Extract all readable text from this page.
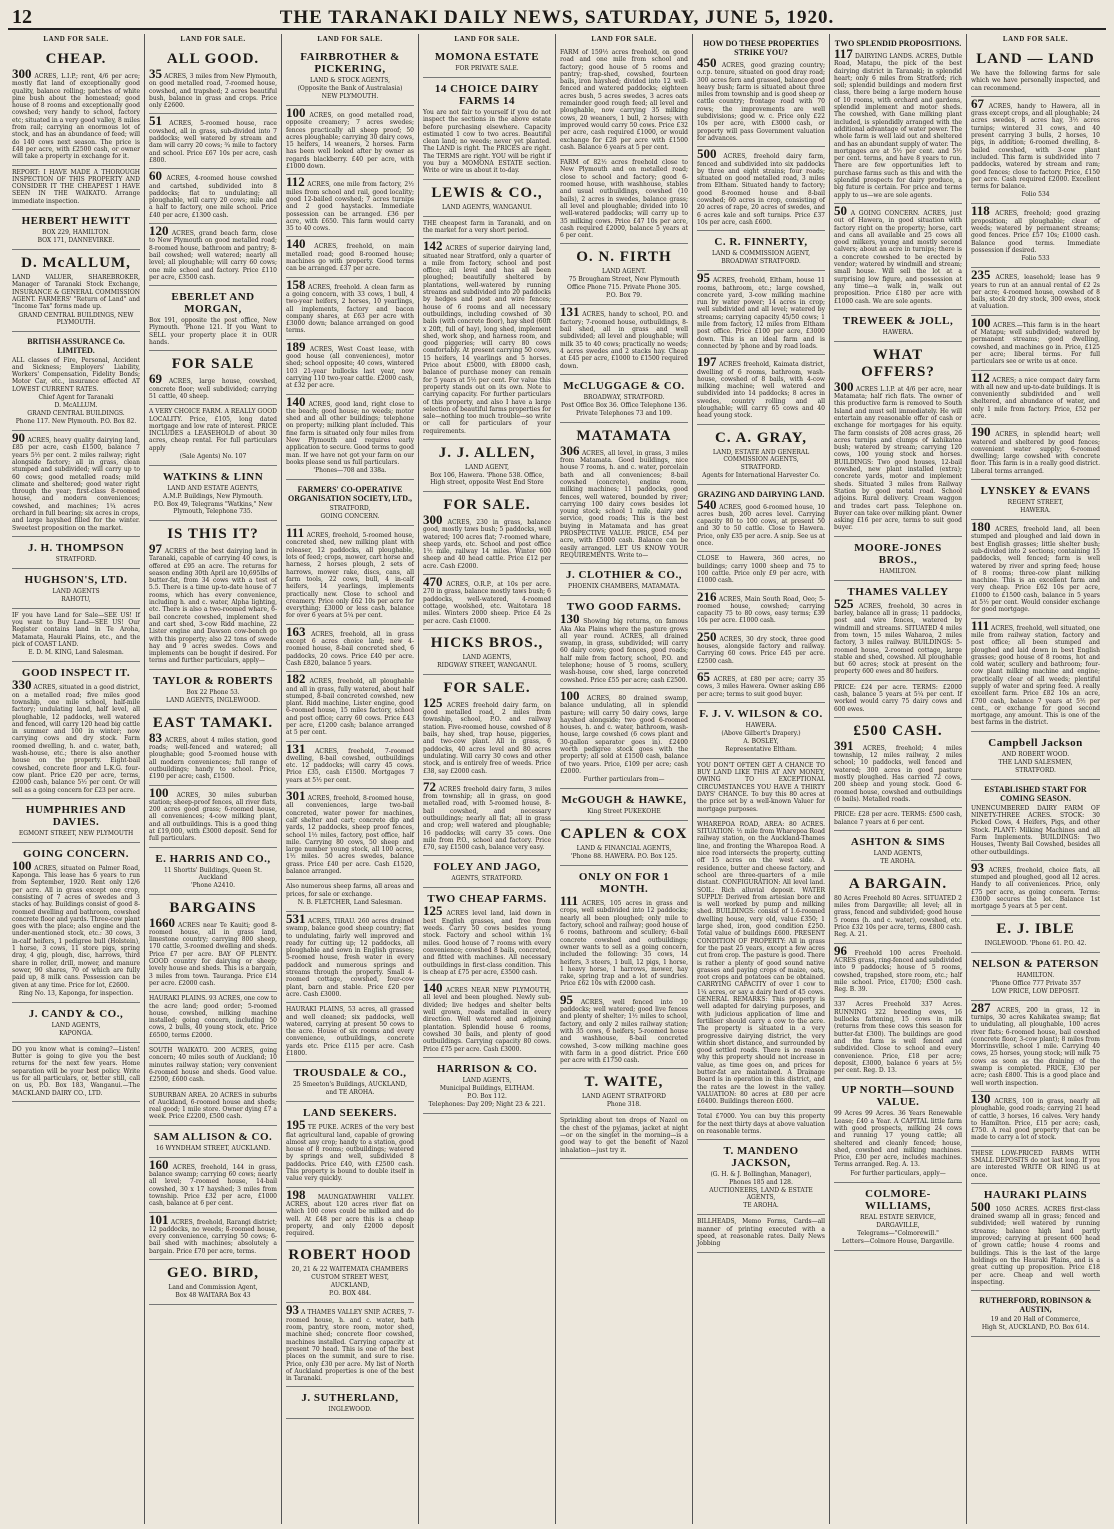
12	THE TARANAKI DAILY NEWS, SATURDAY, JUNE 5, 1920.
LAND FOR SALE.
CHEAP.

300 ACRES, L.I.P.; rent, 4/6 per acre; mostly flat land of exceptionally good quality, balance rolling; patches of white pine bush about the homestead; good house of 8 rooms and exceptionally good cowshed; very handy to school, factory etc; situated in a very good valley, 8 miles from rail; carrying an enormous lot of stock, and has an abundance of feed; will do 140 cows next season. The price is £48 per acre, with £2500 cash, or owner will take a property in exchange for it.

REPORT: I HAVE MADE A THOROUGH INSPECTION OF THIS PROPERTY AND CONSIDER IT THE CHEAPEST I HAVE SEEN IN THE WAIKATO. Arrange immediate inspection.

HERBERT HEWITT
BOX 229, HAMILTON.
BOX 171, DANNEVIRKE.
D. McALLUM,

LAND VALUER, SHAREBROKER, Manager of Taranaki Stock Exchange, INSURANCE & GENERAL COMMISSION AGENT. FARMERS' "Return of Land" and "Income Tax" forms made up.

GRAND CENTRAL BUILDINGS, NEW PLYMOUTH.
BRITISH ASSURANCE Co. LIMITED.

ALL classes of Fire, Personal, Accident and Sickness; Employers' Liability, Workers' Compensation, Fidelity Bonds; Motor Car, etc., insurance effected AT LOWEST CURRENT RATES.

Chief Agent for Taranaki
D. McALLUM.
GRAND CENTRAL BUILDINGS.
Phone 117. New Plymouth. P.O. Box 82.

90 ACRES, heavy quality dairying land, £85 per acre, cash £1500, balance 7 years 5½ per cent. 2 miles railway; right alongside factory; all in grass, clean stumped and subdivided; will carry up to 60 cows; good metalled roads; mild climate and sheltered; good water right through the year; first-class 8-roomed house, and modern conveniences; cowshed, and machines; 1¼ acres orchard in full bearing; six acres in crops, and large hayshed filled for the winter. Sweetest proposition on the market.

J. H. THOMPSON
STRATFORD.
HUGHSON'S, LTD.
LAND AGENTS
RAHOTU,

IF you have Land for Sale—SEE US! If you want to Buy Land—SEE US! Our Register contains land in Te Aroha, Matamata, Hauraki Plains, etc., and the pick of COAST LAND.

E. D. M. KING, Land Salesman.
GOOD INSPECT IT.

330 ACRES, situated in a good district, on a metalled road; five miles good township, one mile school, half-mile factory; undulating land, half level, all ploughable, 12 paddocks, well watered and fenced, will carry 120 head big cattle in summer and 100 in winter; now carrying cows and dry stock. Farm roomed dwelling, h. and c. water, bath, wash-house, etc.; there is also another house on the property. Eight-bail cowshed, concrete floor and L.K.G. four-cow plant. Price £20 per acre, terms, £2000 cash, balance 5½ per cent. Or will sell as a going concern for £23 per acre.

HUMPHRIES AND DAVIES.
EGMONT STREET, NEW PLYMOUTH
GOING CONCERN.

100 ACRES, situated on Palmer Road, Kaponga. This lease has 6 years to run from September, 1920. Rent only 12/6 per acre. All in grass except one crop, consisting of 7 acres of swedes and 3 stacks of hay. Buildings consist of good 8-roomed dwelling and bathroom, cowshed concrete floor and yards. Three-cow plant goes with the place; also engine and the under-mentioned stock, etc.: 30 cows, 3 in-calf heifers, 1 pedigree bull (Holstein), 1 horse, 3 cows, 11 store pigs, spring dray, 4 gig, plough, disc, harrows, third share in roller, drill, mower, and manure sower, 90 shares, 70 of which are fully paid up, 8 milk cans. Possession can be given at any time. Price for lot, £2600.

Ring No. 13, Kaponga, for inspection.
J. CANDY & CO.,
LAND AGENTS,
KAPONGA.

DO you know what is coming?—Listen! Butter is going to give you the best returns for the next few years. Home separation will be your best policy. Write us for all particulars, or, better still, call on us, P.O. Box 183, Wanganui.—The MACKLAND DAIRY CO., LTD.

LAND FOR SALE.
ALL GOOD.

35 ACRES, 3 miles from New Plymouth, on good metalled road, 7-roomed house, cowshed, and trapshed; 2 acres beautiful bush, balance in grass and crops. Price only £2600.

51 ACRES, 5-roomed house, race cowshed, all in grass, sub-divided into 7 paddocks; well watered by stream and dam will carry 20 cows; ¾ mile to factory and school. Price £67 10s per acre, cash £800.

60 ACRES, 4-roomed house cowshed and cartshed, subdivided into 8 paddocks; flat to undulating; all ploughable, will carry 20 cows; mile and a half to factory, one mile school. Price £40 per acre, £1300 cash.

120 ACRES, grand beach farm, close to New Plymouth on good metalled road; 8-roomed house, bathroom and pantry; 8-bail cowshed; well watered; nearly all level; all ploughable; will carry 60 cows; one mile school and factory. Price £110 per acre, £3500 cash.

EBERLET AND MORGAN,

Box 191, opposite the post office, New Plymouth. 'Phone 121. If you Want to SELL your property place it in OUR hands.

FOR SALE

69 ACRES, large house, cowshed, concrete floor; well subdivided; carrying 51 cattle, 40 sheep.

A VERY CHOICE FARM. A REALLY GOOD LOCALITY. Price, £105, long dated mortgage and low rate of interest. PRICE INCLUDES a LEASEHOLD of about 30 acres, cheap rental. For full particulars apply

(Sale Agents) No. 107
WATKINS & LINN
LAND AND ESTATE AGENTS,
A.M.P. Buildings, New Plymouth.
P.O. Box 49, Telegrams "Watkins," New Plymouth, Telephone 735.
IS THIS IT?

97 ACRES of the best dairying land in Taranaki, capable of carrying 40 cows, is offered at £95 an acre. The returns for season ending 30th April are 10,695lbs of butter-fat, from 34 cows with a test of 5.5. There is a time up-to-date house of 7 rooms, which has every convenience, including h. and c. water, Alpha lighting, etc. There is also a two-roomed whare, 6-bail concrete cowshed, implement shed and cart shed, 3-cow Ridd machine, 22 Lister engine and Dawson cow-bench go with this property; also 22 tons of swede hay and 9 acres swedes. Cows and implements can be bought if desired. For terms and further particulars, apply—

TAYLOR & ROBERTS
Box 22 Phone 53.
LAND AGENTS, INGLEWOOD.
EAST TAMAKI.

83 ACRES, about 4 miles station, good roads; well-fenced and watered; all ploughable; good 5-roomed house with all modern conveniences; full range of outbuildings; handy to school. Price, £190 per acre; cash, £1500.

100 ACRES, 30 miles suburban station; sheep-proof fences, all river flats, 200 acres good grass; 6-roomed house, all conveniences; 4-cow milking plant, and all outbuildings. This is a good thing at £19,000, with £3000 deposit. Send for full particulars.

E. HARRIS AND CO.,
11 Shortts' Buildings, Queen St. Auckland
'Phone A2410.
BARGAINS

1660 ACRES near Te Kauiti; good 8-roomed house, all in grass land, limestone country; carrying 800 sheep, 170 cattle, 3-roomed dwelling and sheds. Price £7 per acre. BAY OF PLENTY. GOOD country for dairying or sheep; lovely house and sheds. This is a bargain, 3 miles from town. Tauranga. Price £14 per acre. £2000 cash.

HAURAKI PLAINS. 93 ACRES, one cow to the acre land; good order; 5-roomed house, cowshed, milking machine installed; going concern, including 50 cows, 2 bulls, 40 young stock, etc. Price £6500, terms £2000.

SOUTH WAIKATO. 200 ACRES, going concern; 40 miles south of Auckland; 10 minutes railway station; very convenient 6-roomed house and sheds. Good value. £2500, £600 cash.

SUBURBAN AREA. 20 ACRES in suburbs of Auckland, 6-roomed house and sheds; real good; 1 mile store. Owner dying £7 a week. Price £2200, £500 cash.

SAM ALLISON & CO.
16 WYNDHAM STREET, AUCKLAND.

160 ACRES, freehold, 144 in grass, balance swamp; carrying 60 cows; nearly all level; 7-roomed house, 14-bail cowshed, 30 x 17 hayshed; 3 miles from township. Price £32 per acre, £1000 cash, balance at 6 per cent.

101 ACRES, freehold, Rarangi district; 12 paddocks, no weeds; 8-roomed house, every convenience, carrying 50 cows; 6-bail shed with machines; absolutely a bargain. Price £70 per acre, terms.

GEO. BIRD,
Land and Commission Agent,
Box 48 WAITARA Box 43
LAND FOR SALE.
FAIRBROTHER & PICKERING,
LAND & STOCK AGENTS,
(Opposite the Bank of Australasia)
NEW PLYMOUTH.

100 ACRES, on good metalled road, opposite creamery; 7 acres swedes; fences practically all sheep proof; 50 acres ploughable; carrying 30 dairy cows, 15 heifers, 14 weaners, 2 horses. Farm has been well looked after by owner as regards blackberry. £40 per acre, with £1000 down.

112 ACRES, one mile from factory, 2½ miles from school and rail, good locality; good 12-bailed cowshed; 7 acres turnips and 2 good haystacks. Immediate possession can be arranged. £36 per acre, with £650. This farm would carry 35 to 40 cows.

140 ACRES, freehold, on main metalled road; good 8-roomed house; machines go with property. Good terms can be arranged. £37 per acre.

158 ACRES, freehold. A clean farm as a going concern, with 33 cows, 1 bull, 4 two-year heifers, 2 horses, 10 yearlings, all implements, factory and bacon company shares, at £63 per acre with £3000 down; balance arranged on good terms.

189 ACRES, West Coast lease, with good house (all conveniences), motor shed; school opposite; 40 cows, wintered 103 21-year bullocks last year, now carrying 110 two-year cattle. £2000 cash, at £32 per acre.

140 ACRES, good land, right close to the beach; good house; no weeds; motor shed and all other buildings; telephone on property; milking plant included. This fine farm is situated only four miles from New Plymouth and requires early application to secure. Good terms to good man. If we have not got your farm on our books please send us full particulars.

'Phones—708 and 338a.
FARMERS' CO-OPERATIVE ORGANISATION SOCIETY, LTD.,
STRATFORD,
GOING CONCERN.

111 ACRES, freehold, 5-roomed house, concreted shed, new milking plant with releaser, 12 paddocks, all ploughable, lots of feed; crops, mower, cart horse and harness, 2 horses plough, 2 sets of harrows, mower rake, discs, cans, all farm tools, 22 cows, bull, 4 in-calf heifers, 14 yearlings, implements practically new. Close to school and creamery. Price only £62 10s per acre for everything; £3000 or less cash, balance for over 6 years at 5¼ per cent.

163 ACRES, freehold, all in grass except 6 acres choice land; new 4-roomed house, 8-bail concreted shed, 6 paddocks, 20 cows. Price £40 per acre. Cash £820, balance 5 years.

182 ACRES, freehold, all ploughable and all in grass, fully watered, about half stumped, 8-bail concreted cowshed, new plant. Ridd machine, Lister engine, good 6-roomed house, 15 miles factory, school and post office; carry 60 cows. Price £43 per acre, £1200 cash; balance arranged at 5 per cent.

131 ACRES, freehold, 7-roomed dwelling, 8-bail cowshed, outbuildings etc. 12 paddocks; will carry 45 cows. Price £35, cash £1500. Mortgages 7 years at 5½ per cent.

301 ACRES, freehold, 8-roomed house, all conveniences, large two-bail concreted, water power for machines, calf shelter and cart; concrete dip and yards, 12 paddocks, sheep proof fences, school 1½ miles, factory, post office, half mile. Carrying 80 cows, 50 sheep and large number young stock, all 100 acres, 1½ miles. 50 acres swedes, balance grass. Price £40 per acre. Cash £1520, balance arranged.

Also numerous sheep farms, all areas and prices, for sale or exchange.

N. B. FLETCHER, Land Salesman.

531 ACRES, TIRAU. 260 acres drained swamp, balance good sheep country; flat to undulating, fairly well improved and ready for cutting up; 12 paddocks, all ploughable and sown in English grasses; 5-roomed house, fresh water in every paddock and numerous springs and streams through the property. Small 4-roomed cottage, cowshed, four-cow plant, barn and stable. Price £20 per acre. Cash £3000.

HAURAKI PLAINS, 53 acres, all grassed and well cleaned; six paddocks, well watered, carrying at present 50 cows to the acre. House of six rooms and every convenience, outbuildings, concrete yards etc. Price £115 per acre. Cash £1800.

TROUSDALE & CO.,
25 Smeeton's Buildings, AUCKLAND,
and TE AROHA.
LAND SEEKERS.

195 TE PUKE. ACRES of the very best flat agricultural land, capable of growing almost any crop; handy to a station, good house of 8 rooms; outbuildings; watered by springs and well, subdivided 8 paddocks. Price £40, with £2500 cash. This property is bound to double itself in value very quickly.

198 MAUNGATAWHIRI VALLEY. ACRES, about 120 acres river flat on which 100 cows could be milked and do well. At £48 per acre this is a cheap property, and only £2000 deposit required.

ROBERT HOOD
20, 21 & 22 WAITEMATA CHAMBERS
CUSTOM STREET WEST,
AUCKLAND,
P.O. BOX 484.

93 A THAMES VALLEY SNIP. ACRES, 7-roomed house, h. and c. water, bath room, pantry, store room, motor shed, machine shed; concrete floor cowshed, machines installed. Carrying capacity at present 70 head. This is one of the best places on the summit, and sure to rise. Price, only £30 per acre. My list of North of Auckland properties is one of the best in Taranaki.

J. SUTHERLAND,
INGLEWOOD.
LAND FOR SALE.
MOMONA ESTATE
FOR PRIVATE SALE.
14 CHOICE DAIRY FARMS 14

You are not fair to yourself if you do not inspect the sections in the above estate before purchasing elsewhere. Capacity estimated 1 cow to two acres. Beautiful clean land; no weeds; never yet planted. The LAND is right. The PRICES are right. The TERMS are right. YOU will be right if you buy a MOMONA ESTATE section. Write or wire us about it to-day.

LEWIS & CO.,
LAND AGENTS, WANGANUI.

THE cheapest farm in Taranaki, and on the market for a very short period.

142 ACRES of superior dairying land, situated near Stratford, only a quarter of a mile from factory, school and post office; all level and has all been ploughed; beautifully sheltered by plantations, well-watered by running streams and subdivided into 20 paddocks by hedges and post and wire fences; house of 6 rooms and all necessary outbuildings, including cowshed of 30 bails (with concrete floor), hay shed (60ft x 20ft, full of hay), long shed, implement shed, work shop, and harness room, and good piggeries; will carry 80 cows comfortably. At present carrying 50 cows, 15 heifers, 14 yearlings and 5 horses. Price about £5000, with £8000 cash, balance of purchase money can remain for 5 years at 5½ per cent. For value this property stands out on its own. Note to carrying capacity. For further particulars of this property, and also I have a large selection of beautiful farms properties for sale—nothing too much trouble—so write or call for particulars of your requirements.

J. J. ALLEN,
LAND AGENT,
Box 106, Hawera. 'Phone 538. Office, High street, opposite West End Store
FOR SALE.

300 ACRES, 230 in grass, balance good, mostly taws bush; 5 paddocks, well watered; 100 acres flat; 7-roomed whare, sheep yards, etc. School and post office 1½ mile, railway 14 miles. Winter 600 sheep and 40 head cattle. Price £12 per acre. Cash £2000.

470 ACRES, O.R.P., at 10s per acre. 270 in grass, balance mostly taws bush; 6 paddocks, well-watered, 4-roomed cottage, woolshed, etc. Waitotara 18 miles. Winters 2000 sheep. Price £4 2s per acre. Cash £1000.

HICKS BROS.,
LAND AGENTS,
RIDGWAY STREET, WANGANUI.
FOR SALE.

125 ACRES freehold dairy farm, on good metalled road, 2 miles from township, school, P.O. and railway station. Five-roomed house, cowshed of 8 bails, hay shed, trap house, piggeries, and two-cow plant. All in grass, 6 paddocks, 40 acres level and 80 acres undulating. Will carry 30 cows and other stock, and is entirely free of weeds. Price £38, say £2000 cash.

72 ACRES freehold dairy farm, 3 miles from township; all in grass, on good metalled road, with 5-roomed house, 8-bail cowshed, and necessary outbuildings; nearly all flat; all in grass and crop; well watered and ploughable; 16 paddocks; will carry 35 cows. One mile from P.O., school and factory. Price £70, say £1500 cash, balance very easy.

FOLEY AND JAGO,
AGENTS, STRATFORD.
TWO CHEAP FARMS.

125 ACRES level land, laid down in best English grasses, and free from weeds. Carry 50 cows besides young stock. Factory and school within 1¼ miles. Good house of 7 rooms with every convenience; cowshed 8 bails, concreted, and fitted with machines. All necessary outbuildings in first-class condition. This is cheap at £75 per acre, £3500 cash.

140 ACRES NEAR NEW PLYMOUTH, all level and been ploughed. Newly sub-divided; live hedges and shelter belts well grown, roads metalled in every direction. Well watered and adjoining plantation. Splendid house 6 rooms, cowshed 30 bails, and plenty of good outbuildings. Carrying capacity 80 cows. Price £75 per acre. Cash £3000.

HARRISON & CO.
LAND AGENTS,
Municipal Buildings, ELTHAM.
P.O. Box 112.
Telephones: Day 209; Night 23 & 221.
LAND FOR SALE.

FARM of 159½ acres freehold, on good road and one mile from school and factory; good house of 5 rooms and pantry; trap-shed, cowshed, fourteen bails, iron hayshed; divided into 12 well-fenced and watered paddocks; eighteen acres bush, 5 acres swedes, 3 acres oats remainder good rough feed; all level and ploughable, now carrying 35 milking cows, 20 weaners, 1 bull, 2 horses; with improved would carry 50 cows. Price £32 per acre, cash required £1000, or would exchange for £28 per acre with £1500 cash. Balance 6 years at 5 per cent.

FARM of 82½ acres freehold close to New Plymouth and on metalled road; close to school and factory; good 6-roomed house, with washhouse, stables and usual outbuildings, cowshed (10 bails), 2 acres in swedes, balance grass; all level and ploughable; divided into 10 well-watered paddocks; will carry up to 35 milking cows. Price £47 10s per acre, cash required £2000, balance 5 years at 6 per cent.

O. N. FIRTH
LAND AGENT.
75 Brougham Street, New Plymouth
Office Phone 715. Private Phone 305.
P.O. Box 79.

131 ACRES, handy to school, P.O. and factory; 7-roomed house, outbuildings, 8-bail shed, all in grass and well subdivided; all level and ploughable; will milk 35 to 40 cows; practically no weeds; 4 acres swedes and 2 stacks hay. Cheap at £45 per acre, £1000 to £1500 required down.

McCLUGGAGE & CO.
BROADWAY, STRATFORD.
Post Office Box 36. Office Telephone 136.
Private Telephones 73 and 109.
MATAMATA

306 ACRES, all level, in grass, 3 miles from Matamata. Good buildings, nice house 7 rooms, h. and c. water, porcelain bath and all conveniences; 8-bail cowshed (concrete), engine room, milking machines; 11 paddocks, good fences, well watered, bounded by river; carrying 100 dairy cows besides lot young stock; school 1 mile, dairy and service, good roads; This is the best buying in Matamata and has great PROSPECTIVE VALUE. PRICE, £54 per acre, with £5000 cash. Balance can be easily arranged. LET US KNOW YOUR REQUIREMENTS. Write to—

J. CLOTHIER & CO.,
PHOENIX CHAMBERS, MATAMATA.
TWO GOOD FARMS.

130 Showing big returns, on famous Aka Aka Plains where the pasture grows all year round. ACRES, all drained swamp, in grass, subdivided; will carry 60 dairy cows; good fences, good roads; half mile from factory, school, P.O. and telephone; house of 5 rooms, scullery, wash-house, cow shed, large concreted cowshed. Price £55 per acre; cash £2500.

100 ACRES, 80 drained swamp, balance undulating, all in splendid pasture; will carry 50 dairy cows, large hayshed alongside; two good 6-roomed houses, h. and c. water, bathroom, wash-house, large cowshed (6 cows plant and 30-gallon separator goes in). £2400 worth pedigree stock goes with the property; all sold at £1500 cash, balance of two years. Price, £109 per acre; cash £2000.

Further particulars from—
McGOUGH & HAWKE,
King Street PUKEKOHE
CAPLEN & COX
LAND & FINANCIAL AGENTS,
'Phone 88. HAWERA. P.O. Box 125.
ONLY ON FOR 1 MONTH.

111 ACRES, 105 acres in grass and crops, well subdivided into 12 paddocks; nearly all been ploughed; only mile to factory, school and railway; good house of 6 rooms, bathroom and scullery; 6-bail concrete cowshed and outbuildings; owner wants to sell as a going concern, included the following: 35 cows, 14 heifers, 3 steers, 1 bull, 12 pigs, 1 horse, 1 heavy horse, 1 harrows, mower, hay rake, spring trap and a lot of sundries. Price £62 10s with £2000 cash.

95 ACRES, well fenced into 10 paddocks; well watered; good live fences and plenty of shelter; 1½ miles to school, factory, and only 2 miles railway station; with 35 cows, 6 heifers; 5-roomed house and washhouse, 8-bail concreted cowshed, 3-cow milking machine goes with farm in a good district. Price £60 per acre with £1750 cash.

T. WAITE,
LAND AGENT STRATFORD
Phone 318.

Sprinkling about ten drops of Nazol on the chest of the pyjamas, jacket at night—or on the singlet in the morning—is a good way to get the benefit of Nazol inhalation—just try it.

HOW DO THESE PROPERTIES STRIKE YOU?

450 ACRES, good grazing country; o.r.p. tenure, situated on good dray road; 300 acres fern and grassed, balance good heavy bush; farm is situated about three miles from township and is good sheep or cattle country; frontage road with 70 rows; the improvements are well subdivisions; good w. c. Price only £22 10s per acre, with £3000 cash, or property will pass Government valuation for advances.

500 ACRES, freehold dairy farm, fenced and subdivided into six paddocks by three and eight strains; four roads; situated on good metalled road, 3 miles from Eltham. Situated handy to factory; good 8-roomed house and 8-bail cowshed; 60 acres in crop, consisting of 20 acres of rape, 20 acres of swedes, and 6 acres kale and soft turnips. Price £37 10s per acre, cash £600.

C. R. FINNERTY,
LAND & COMMISSION AGENT,
BROADWAY STRATFORD.

95 ACRES, freehold, Eltham, house 11 rooms, bathroom, etc.; large cowshed, concrete yard, 3-cow milking machine run by water power; 14 acres in crop; well subdivided and all level; watered by streams; carrying capacity 45/50 cows; 1 mile from factory, 12 miles from Eltham post office. Price £100 per acre, £3000 down. This is an ideal farm and is connected by 'phone and by road loads.

197 ACRES freehold, Kaimata district, dwelling of 6 rooms, bathroom, wash-house, cowshed of 8 bails, with 4-cow milking machine; well watered and subdivided into 14 paddocks; 8 acres in swedes, country rolling and all ploughable; will carry 65 cows and 40 head young stock.

C. A. GRAY,
LAND, ESTATE AND GENERAL COMMISSION AGENTS,
STRATFORD.
Agents for International Harvester Co.
GRAZING AND DAIRYING LAND.

540 ACRES, good 6-roomed house, 10 acres bush, 200 acres level. Carrying capacity 80 to 100 cows, at present 50 and 30 to 50 cattle. Close to Hawera. Price, only £35 per acre. A snip. See us at once.

CLOSE to Hawera, 360 acres, no buildings; carry 1000 sheep and 75 to 100 cattle. Price only £9 per acre, with £1000 cash.

216 ACRES, Main South Road, Oeo; 5-roomed house, cowshed; carrying capacity 75 to 80 cows, easy terms; £39 10s per acre. £1000 cash.

250 ACRES, 30 dry stock, three good houses, alongside factory and railway. Carrying 60 cows. Price £45 per acre. £2500 cash.

65 ACRES, at £80 per acre; carry 35 cows, 3 miles Hawera. Owner asking £86 per acre; terms to suit good buyer.

F. J. V. WILSON & CO.
HAWERA.
(Above Gilbert's Drapery.)
A. BOSLEY,
Representative Eltham.

YOU DON'T OFTEN GET A CHANCE TO BUY LAND LIKE THIS AT ANY MONEY, OWING TO EXCEPTIONAL CIRCUMSTANCES YOU HAVE A THIRTY DAYS' CHANCE. To buy this 80 acres at the price set by a well-known Valuer for mortgage purposes.

WHAREPOA ROAD, AREA: 80 ACRES. SITUATION: ½ mile from Wharepoa Road railway station, on the Auckland-Thames line, and fronting the Wharepoa Road. A nice road intersects the property, cutting off 15 acres on the west side. A residence, butter and cheese factory, and school are three-quarters of a mile distant. CONFIGURATION: All level land. SOIL: Rich alluvial deposit. WATER SUPPLY: Derived from artesian bore and is well worked by pump and milking shed. BUILDINGS: consist of 1.6-roomed dwelling house, very old, value £350; 1 large shed, iron, good condition £250. Total value of buildings £600. PRESENT CONDITION OF PROPERTY: All in grass for the past 25 years, except a few acres cut from crop. The pasture is good. There is rather a plenty of good sound native grasses and paying crops of maize, oats, root crops and potatoes can be obtained. CARRYING CAPACITY of over 1 cow to 1¼ acres, or say a dairy herd of 45 cows. GENERAL REMARKS: This property is well adapted for dairying purposes, and with judicious application of lime and fertiliser should carry a cow to the acre. The property is situated in a very progressive dairying district, the very within short distance, and surrounded by good settled roads. There is no reason why this property should not increase in value, as time goes on, and prices for butter-fat are maintained. A Drainage Board is in operation in this district, and the rates are the lowest in the valley. VALUATION: 80 acres at £80 per acre £6400. Buildings thereon £600.

Total £7000. You can buy this property for the next thirty days at above valuation on reasonable terms.

T. MANDENO JACKSON,
(G. H. & J. Bollinghan, Manager),
Phones 185 and 128.
AUCTIONEERS, LAND & ESTATE AGENTS,
TE AROHA.

BILLHEADS, Memo Forms, Cards—all manner of printing executed with a speed, at reasonable rates. Daily News Jobbing

TWO SPLENDID PROPOSITIONS.

117 DAIRYING LANDS. ACRES, Dutble Road, Matapu, the pick of the best dairying district in Taranaki; in splendid heart; only 6 miles from Stratford; rich soil; splendid buildings and modern first class, there being a large modern house of 10 rooms, with orchard and gardens, splendid implement and motor sheds. The cowshed, with Gane milking plant included, is splendidly arranged with the additional advantage of water power. The whole farm is well laid out and sheltered and has an abundant supply of water. The mortgages are at 5½ per cent. and 5½ per cent. terms, and have 8 years to run. There are few opportunities left to purchase farms such as this and with the splendid prospects for dairy produce, a big future is certain. For price and terms apply to us—we are sole agents.

50 A GOING CONCERN. ACRES, just out of Hawera, in good situation with factory right on the property; horse, cart and cans all available and 25 cows all good milkers, young and mostly second calvers; about an acre in turnips; there is a concrete cowshed to be erected by vendor; watered by windmill and stream; small house. Will sell the lot at a surprising low figure, and possession at any time—a walk in, walk out proposition. Price £180 per acre with £1000 cash. We are sole agents.

TREWEEK & JOLL,
HAWERA.
WHAT OFFERS?

300 ACRES L.I.P. at 4/6 per acre, near Matamata; half rich flats. The owner of this productive farm is removed to South Island and must sell immediately. He will entertain any reasonable offer of cash or exchange for mortgages for his equity. The farm consists of 208 acres grass, 26 acres turnips and clumps of kahikatea bush; watered by stream; carrying 120 cows, 100 young stock and horses. BUILDINGS: Two good houses, 12-bail cowshed, new plant installed (extra); concrete yards, motor and implement sheds. Situated 3 miles from Railway Station by good metal road. School adjoins. Rural delivery. Cream waggon and trades cart pass. Telephone on. Buyer can take over milking plant. Owner asking £16 per acre, terms to suit good buyer.

MOORE-JONES BROS.,
HAMILTON.
THAMES VALLEY

525 ACRES, freehold, 30 acres in barley, balance all in grass; 11 paddocks, post and wire fences, watered by windmill and streams. SITUATED 4 miles from town, 15 miles Waharoa, 2 miles factory, 3 miles railway. BUILDINGS: 5-roomed house, 2-roomed cottage, large stable and shed, cowshed. All ploughable but 60 acres; stock at present on the property 600 ewes and 80 heifers.

PRICE: £24 per acre. TERMS: £2000 cash, balance 5 years at 5¼ per cent. If worked would carry 75 dairy cows and 600 ewes.

£500 CASH.

391 ACRES, freehold; 4 miles township, 12 miles railway, 2 miles school; 10 paddocks, well fenced and watered; 300 acres in good pasture mostly ploughed. Has carried 72 cows, 200 sheep and young stock. Good 6-roomed house, cowshed and outbuildings (6 bails). Metalled roads.

PRICE: £28 per acre. TERMS: £500 cash, balance 7 years at 6 per cent.

ASHTON & SIMS
LAND AGENTS,
TE AROHA.
A BARGAIN.

80 Acres Freehold 80 Acres. SITUATED 2 miles from Dargaville; all level; all in grass, fenced and subdivided; good house 5 rooms (h. and c. water), cowshed, etc. Price £32 10s per acre, terms, £800 cash. Reg. A. 21.

96 Freehold 100 acres Freehold. ACRES grass, ring-fenced and subdivided into 9 paddocks; house of 5 rooms, cowshed, trapshed, store room, etc.; half mile school. Price, £1700; £500 cash. Reg. B. 39.

337 Acres Freehold 337 Acres. RUNNING 322 breeding ewes, 16 bullocks fattening, 15 cows in milk (returns from these cows this season for butter-fat £300). The buildings are good and the farm is well fenced and subdivided. Close to school and every convenience. Price, £18 per acre; deposit, £3000, balance 6 years at 5½ per cent. Reg. D. 13.

UP NORTH—SOUND VALUE.

99 Acres 99 Acres. 36 Years Renewable Lease; £40 a Year. A CAPITAL little farm with good prospects, milking 24 cows and running 17 young cattle; all sheltered and cleanly fenced; house, shed, cowshed and milking machines. Price, £30 per acre, includes machines. Terms arranged. Reg. A. 13.

For further particulars, apply—
COLMORE-WILLIAMS,
REAL ESTATE SERVICE,
DARGAVILLE,
Telegrams—"Colmorewill."
Letters—Colmore House, Dargaville.
LAND FOR SALE.
LAND — LAND

We have the following farms for sale which we have personally inspected, and can recommend.

67 ACRES, handy to Hawera, all in grass except crops, and all ploughable; 24 acres swedes, 8 acres hay, 3½ acres turnips; wintered 31 cows, and 40 present carrying 3 bulls, 2 horses, 10 pigs, in addition; 6-roomed dwelling, 8-bailed cowshed, with 3-cow plant included. This farm is subdivided into 7 paddocks, watered by stream and ram; good fences; close to factory. Price, £150 per acre. Cash required £2000. Excellent terms for balance.

Folio 534

118 ACRES, freehold; good grazing proposition; all ploughable; clear of weeds; watered by permanent streams; good fences. Price £57 10s; £1000 cash. Balance good terms. Immediate possession if desired.

Folio 533

235 ACRES, leasehold; lease has 9 years to run at an annual rental of £2 2s per acre; 4-roomed house, cowshed of 8 bails, stock 20 dry stock, 300 ewes, stock at valuation.

100 ACRES.—This farm is in the heart of Matapu; well subdivided; watered by permanent streams; good dwelling, cowshed, and machines go in. Price, £125 per acre; liberal terms. For full particulars see or write us at once.

112 ACRES; a nice compact dairy farm with all new and up-to-date buildings. It is conveniently subdivided and well sheltered, and abundance of water, and only 1 mile from factory. Price, £52 per acre.

190 ACRES, in splendid heart; well watered and sheltered by good fences; convenient water supply; 6-roomed dwelling; large cowshed with concrete floor. This farm is in a really good district. Liberal terms arranged.

LYNSKEY & EVANS
REGENT STREET,
HAWERA.

180 ACRES, freehold land, all been stumped and ploughed and laid down in best English grasses; little shelter bush; sub-divided into 2 sections; containing 15 paddocks, well fenced; farm is well watered by river and spring feed; house of 8 rooms; three-cow plant milking machine. This is an excellent farm and very cheap. Price £62 10s per acre, £1000 to £1500 cash, balance in 5 years at 5½ per cent. Would consider exchange for good mortgage.

111 ACRES, freehold, well situated, one mile from railway station, factory and post office; all been stumped and ploughed and laid down in best English grasses; good house of 8 rooms, hot and cold water, scullery and bathroom; four-cow plant milking machine and engine; practically clear of all weeds; plentiful supply of water and spring feed. A really excellent farm. Price £82 10s an acre, £700 cash, balance 7 years at 5½ per cent., or exchange for good second mortgage, any amount. This is one of the best farms in the district.

Campbell Jackson
AND ROBERT WOOD.
THE LAND SALESMEN,
STRATFORD.
ESTABLISHED START FOR COMING SEASON.

UNENCUMBERED DAIRY FARM OF NINETY-THREE ACRES. STOCK: 30 Picked Cows, 4 Heifers, Pigs, and other Stock. PLANT: Milking Machines and all Farm Implements. BUILDINGS: Two Houses, Twenty Bail Cowshed, besides all other outbuildings.

93 ACRES, freehold, choice flats, all stumped and ploughed, good all 12 acres. Handy to all conveniences. Price, only £75 per acre, as going concern. Terms: £3000 secures the lot. Balance 1st mortgage 5 years at 5 per cent.

E. J. IBLE
INGLEWOOD. 'Phone 61. P.O. 42.
NELSON & PATERSON
HAMILTON.
'Phone Office 777 Private 357
LOW PRICE, LOW DEPOSIT.

287 ACRES, 200 in grass, 12 in turnips, 30 acres Kahikatea swamp; flat to undulating, all ploughable, 100 acres river flats; 6-roomed house, bail cowshed (concrete floor, 3-cow plant); 8 miles from Morrinsville, school 1 mile. Carrying 40 cows, 25 horses, young stock; will milk 75 cows as soon as the draining of the swamp is completed. PRICE, £30 per acre; cash £800. This is a good place and well worth inspection.

130 ACRES, 100 in grass, nearly all ploughable, good roads; carrying 21 head of cattle, 3 horses, 16 calves. Very handy to Hamilton. Price, £15 per acre; cash, £750. A real good property that can be made to carry a lot of stock.

THESE LOW-PRICED FARMS WITH SMALL DEPOSITS do not last long. If you are interested WRITE OR RING us at once.

HAURAKI PLAINS

500 1050 ACRES. ACRES first-class drained swamp all in grass; fenced and subdivided; well watered by running streams; balance high land partly improved; carrying at present 600 head of grown cattle; house 4 rooms and buildings. This is the last of the large holdings on the Hauraki Plains, and is a great cutting up proposition. Price £18 per acre. Cheap and well worth inspecting.

RUTHERFORD, ROBINSON & AUSTIN,
19 and 20 Hall of Commerce,
High St, AUCKLAND, P.O. Box 614.
